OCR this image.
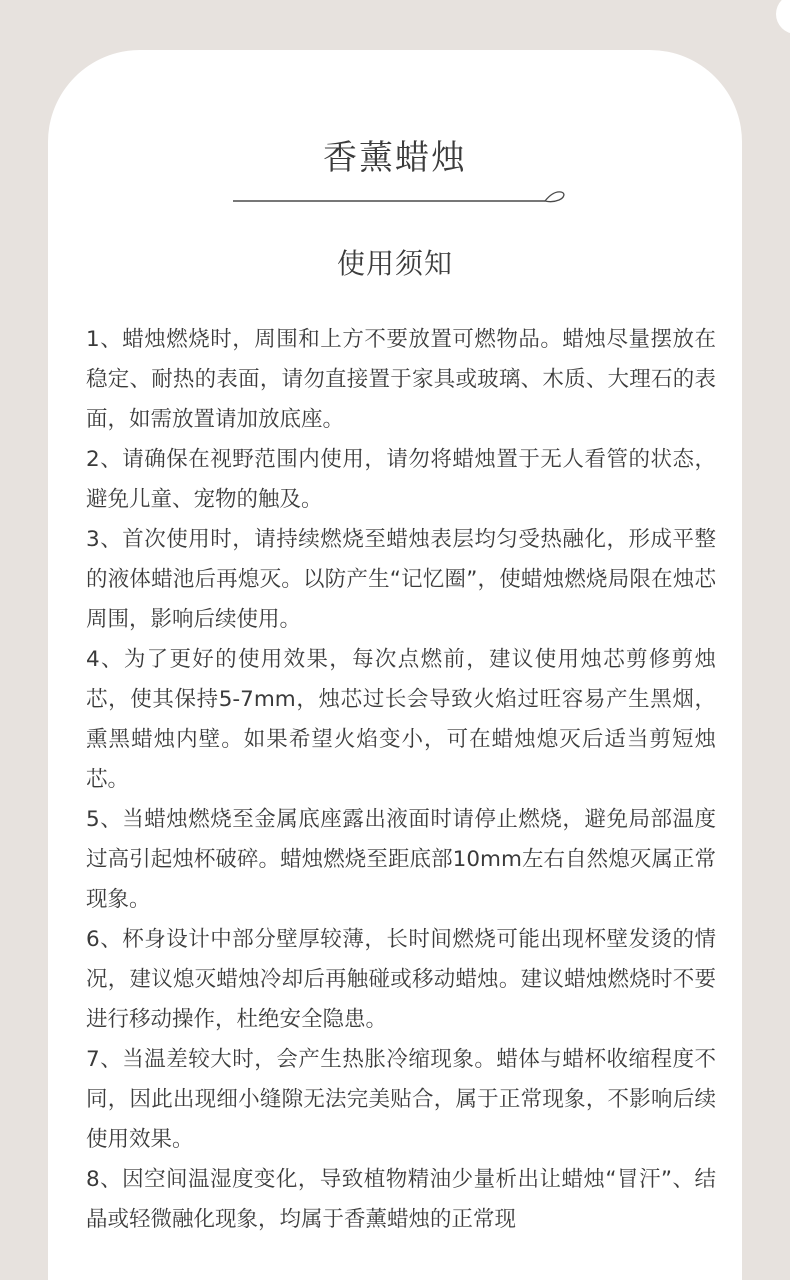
香薰蜡烛
使用须知
1、蜡烛燃烧时，周围和上方不要放置可燃物品。蜡烛尽量摆放在稳定、耐热的表面，请勿直接置于家具或玻璃、木质、大理石的表面，如需放置请加放底座。
2、请确保在视野范围内使用，请勿将蜡烛置于无人看管的状态，避免儿童、宠物的触及。
3、首次使用时，请持续燃烧至蜡烛表层均匀受热融化，形成平整的液体蜡池后再熄灭。以防产生“记忆圈”，使蜡烛燃烧局限在烛芯周围，影响后续使用。
4、为了更好的使用效果，每次点燃前，建议使用烛芯剪修剪烛芯，使其保持5-7mm，烛芯过长会导致火焰过旺容易产生黑烟，熏黑蜡烛内壁。如果希望火焰变小，可在蜡烛熄灭后适当剪短烛芯。
5、当蜡烛燃烧至金属底座露出液面时请停止燃烧，避免局部温度过高引起烛杯破碎。蜡烛燃烧至距底部10mm左右自然熄灭属正常现象。
6、杯身设计中部分壁厚较薄，长时间燃烧可能出现杯壁发烫的情况，建议熄灭蜡烛冷却后再触碰或移动蜡烛。建议蜡烛燃烧时不要进行移动操作，杜绝安全隐患。
7、当温差较大时，会产生热胀冷缩现象。蜡体与蜡杯收缩程度不同，因此出现细小缝隙无法完美贴合，属于正常现象，不影响后续使用效果。
8、因空间温湿度变化，导致植物精油少量析出让蜡烛“冒汗”、结晶或轻微融化现象，均属于香薰蜡烛的正常现
